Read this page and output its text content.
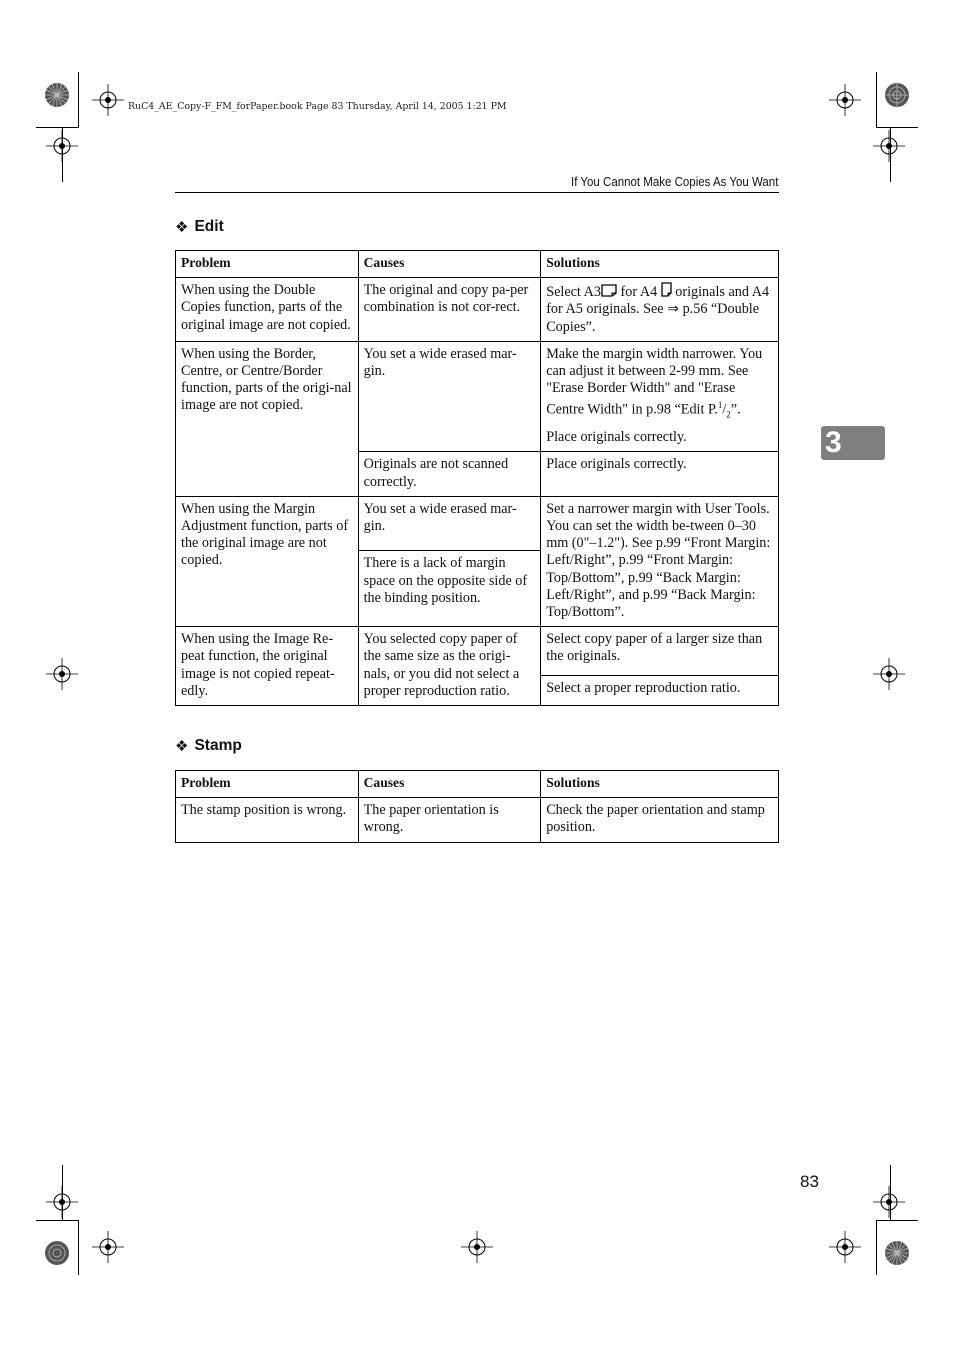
RuC4_AE_Copy-F_FM_forPaper.book Page 83 Thursday, April 14, 2005 1:21 PM
If You Cannot Make Copies As You Want
3
❖ Edit
Problem	Causes	Solutions
When using the Double Copies function, parts of the original image are not copied.	The original and copy pa-per combination is not cor-rect.	Select A3 for A4 originals and A4 for A5 originals. See ⇒ p.56 “Double Copies”.
When using the Border, Centre, or Centre/Border function, parts of the origi-nal image are not copied.	You set a wide erased mar-gin.	Make the margin width narrower. You can adjust it between 2-99 mm. See "Erase Border Width" and "Erase Centre Width" in p.98 “Edit $P.^1/_2$”.
Place originals correctly.

	Originals are not scanned correctly.	Place originals correctly.
When using the Margin Adjustment function, parts of the original image are not copied.	You set a wide erased mar-gin.	Set a narrower margin with User Tools. You can set the width be-tween 0–30 mm (0"–1.2"). See p.99 “Front Margin: Left/Right”, p.99 “Front Margin: Top/Bottom”, p.99 “Back Margin: Left/Right”, and p.99 “Back Margin: Top/Bottom”.
	There is a lack of margin space on the opposite side of the binding position.	
When using the Image Re-peat function, the original image is not copied repeat-edly.	You selected copy paper of the same size as the origi-nals, or you did not select a proper reproduction ratio.	Select copy paper of a larger size than the originals.
		Select a proper reproduction ratio.
❖ Stamp
Problem	Causes	Solutions
The stamp position is wrong.	The paper orientation is wrong.	Check the paper orientation and stamp position.
83
